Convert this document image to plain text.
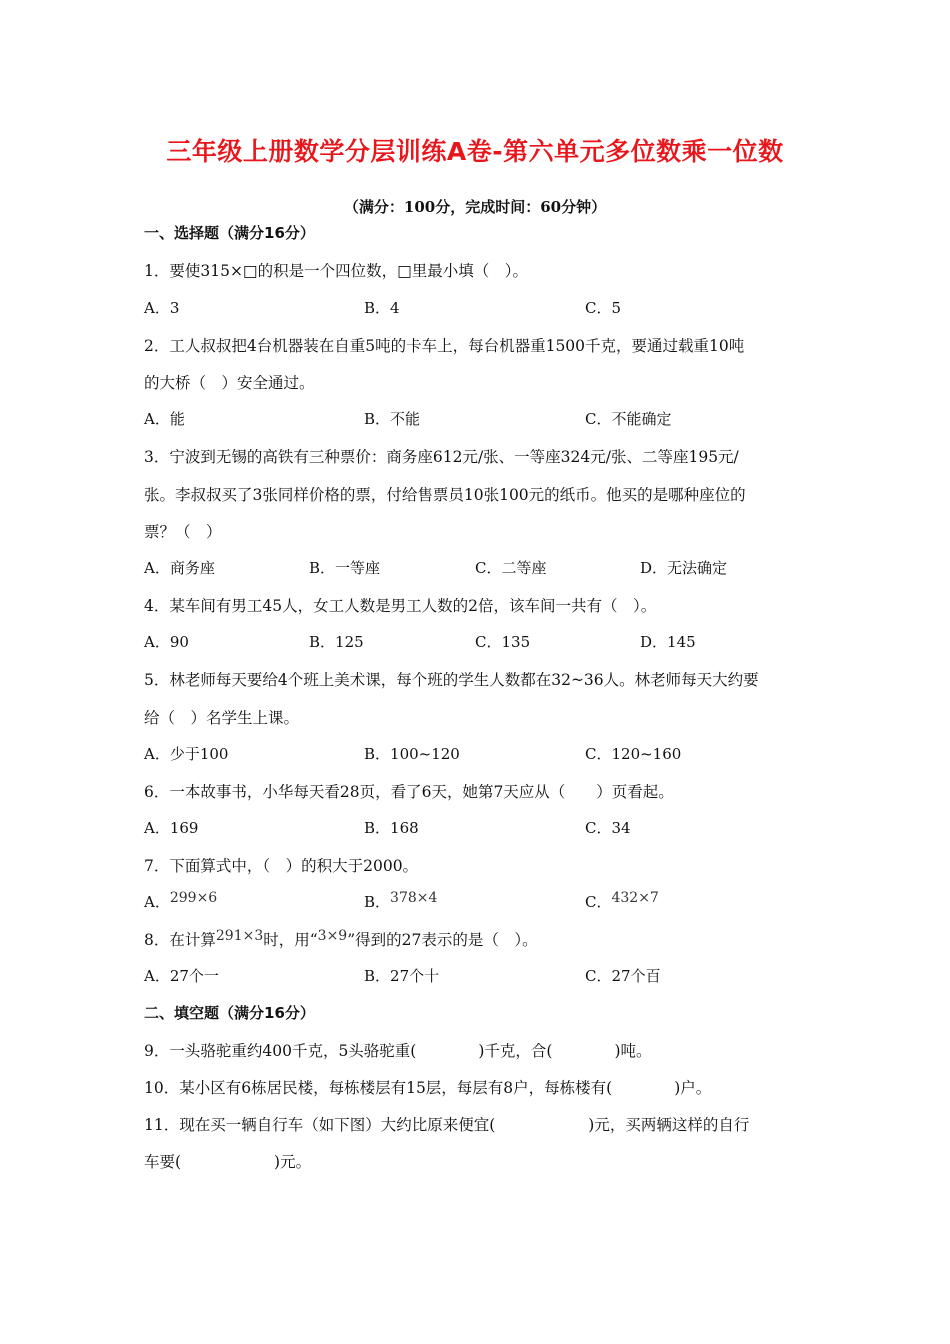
三年级上册数学分层训练A卷-第六单元多位数乘一位数
（满分：100分，完成时间：60分钟）
一、选择题（满分16分）
1．要使315×□的积是一个四位数，□里最小填（　）。
A．3	B．4	C．5
2．工人叔叔把4台机器装在自重5吨的卡车上，每台机器重1500千克，要通过载重10吨
的大桥（　）安全通过。
A．能	B．不能	C．不能确定
3．宁波到无锡的高铁有三种票价：商务座612元/张、一等座324元/张、二等座195元/
张。李叔叔买了3张同样价格的票，付给售票员10张100元的纸币。他买的是哪种座位的
票？（　）
A．商务座	B．一等座	C．二等座	D．无法确定
4．某车间有男工45人，女工人数是男工人数的2倍，该车间一共有（　）。
A．90	B．125	C．135	D．145
5．林老师每天要给4个班上美术课，每个班的学生人数都在32~36人。林老师每天大约要
给（　）名学生上课。
A．少于100	B．100~120	C．120~160
6．一本故事书，小华每天看28页，看了6天，她第7天应从（　　）页看起。
A．169	B．168	C．34
7．下面算式中，（　）的积大于2000。
A．299×6	B．378×4	C．432×7
8．在计算291×3时，用“3×9”得到的27表示的是（　）。
A．27个一	B．27个十	C．27个百
二、填空题（满分16分）
9．一头骆驼重约400千克，5头骆驼重(　　　　)千克，合(　　　　)吨。
10．某小区有6栋居民楼，每栋楼层有15层，每层有8户，每栋楼有(　　　　)户。
11．现在买一辆自行车（如下图）大约比原来便宜(　　　　　　)元，买两辆这样的自行
车要(　　　　　　)元。
